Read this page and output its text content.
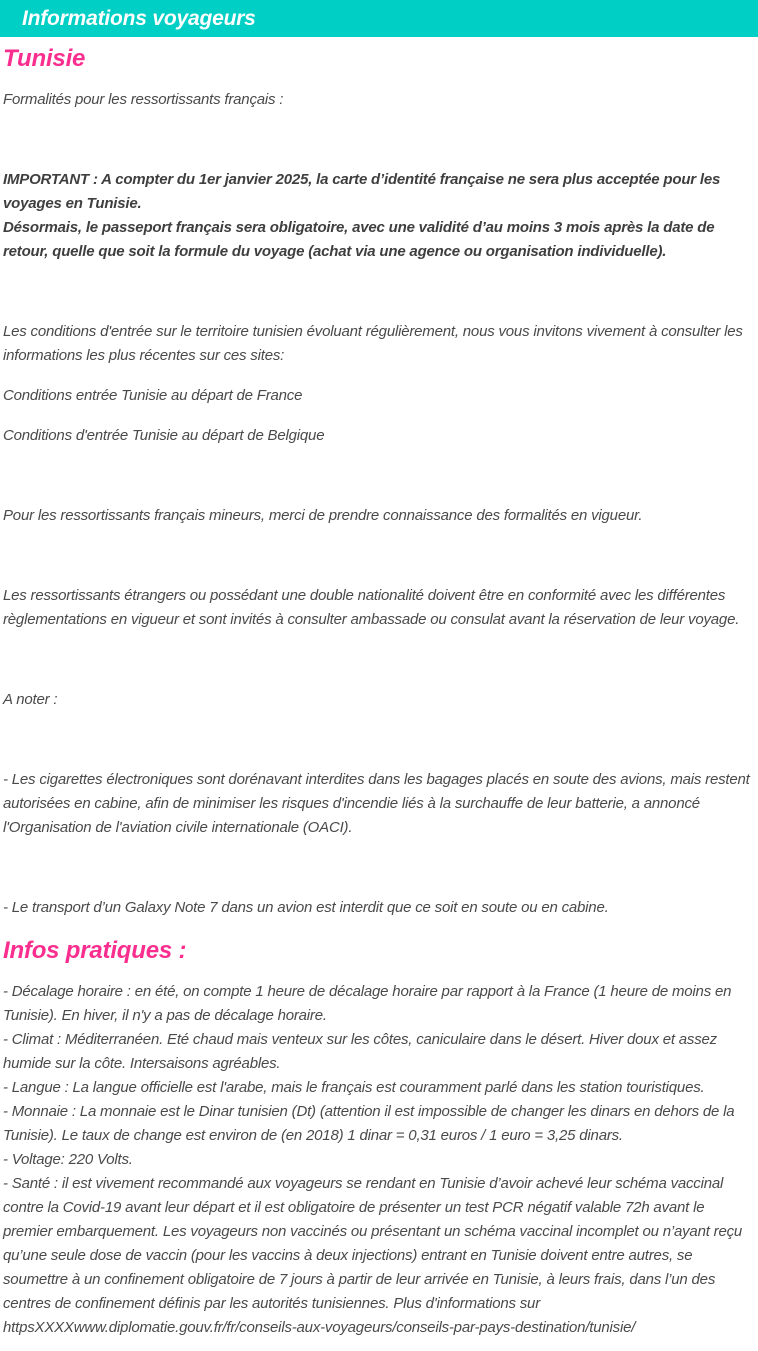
Informations voyageurs
Tunisie

Formalités pour les ressortissants français :

IMPORTANT : A compter du 1er janvier 2025, la carte d’identité française ne sera plus acceptée pour les voyages en Tunisie.
Désormais, le passeport français sera obligatoire, avec une validité d’au moins 3 mois après la date de retour, quelle que soit la formule du voyage (achat via une agence ou organisation individuelle).

Les conditions d'entrée sur le territoire tunisien évoluant régulièrement, nous vous invitons vivement à consulter les informations les plus récentes sur ces sites:

Conditions entrée Tunisie au départ de France

Conditions d'entrée Tunisie au départ de Belgique

Pour les ressortissants français mineurs, merci de prendre connaissance des formalités en vigueur.

Les ressortissants étrangers ou possédant une double nationalité doivent être en conformité avec les différentes règlementations en vigueur et sont invités à consulter ambassade ou consulat avant la réservation de leur voyage.

A noter :

- Les cigarettes électroniques sont dorénavant interdites dans les bagages placés en soute des avions, mais restent autorisées en cabine, afin de minimiser les risques d'incendie liés à la surchauffe de leur batterie, a annoncé l'Organisation de l'aviation civile internationale (OACI).

- Le transport d’un Galaxy Note 7 dans un avion est interdit que ce soit en soute ou en cabine.

Infos pratiques :

- Décalage horaire : en été, on compte 1 heure de décalage horaire par rapport à la France (1 heure de moins en Tunisie). En hiver, il n'y a pas de décalage horaire.

- Climat : Méditerranéen. Eté chaud mais venteux sur les côtes, caniculaire dans le désert. Hiver doux et assez humide sur la côte. Intersaisons agréables.

- Langue : La langue officielle est l'arabe, mais le français est couramment parlé dans les station touristiques.

- Monnaie : La monnaie est le Dinar tunisien (Dt) (attention il est impossible de changer les dinars en dehors de la Tunisie). Le taux de change est environ de (en 2018) 1 dinar = 0,31 euros / 1 euro = 3,25 dinars.

- Voltage: 220 Volts.

- Santé : il est vivement recommandé aux voyageurs se rendant en Tunisie d’avoir achevé leur schéma vaccinal contre la Covid-19 avant leur départ et il est obligatoire de présenter un test PCR négatif valable 72h avant le premier embarquement. Les voyageurs non vaccinés ou présentant un schéma vaccinal incomplet ou n’ayant reçu qu’une seule dose de vaccin (pour les vaccins à deux injections) entrant en Tunisie doivent entre autres, se soumettre à un confinement obligatoire de 7 jours à partir de leur arrivée en Tunisie, à leurs frais, dans l’un des centres de confinement définis par les autorités tunisiennes. Plus d'informations sur httpsXXXXwww.diplomatie.gouv.fr/fr/conseils-aux-voyageurs/conseils-par-pays-destination/tunisie/
